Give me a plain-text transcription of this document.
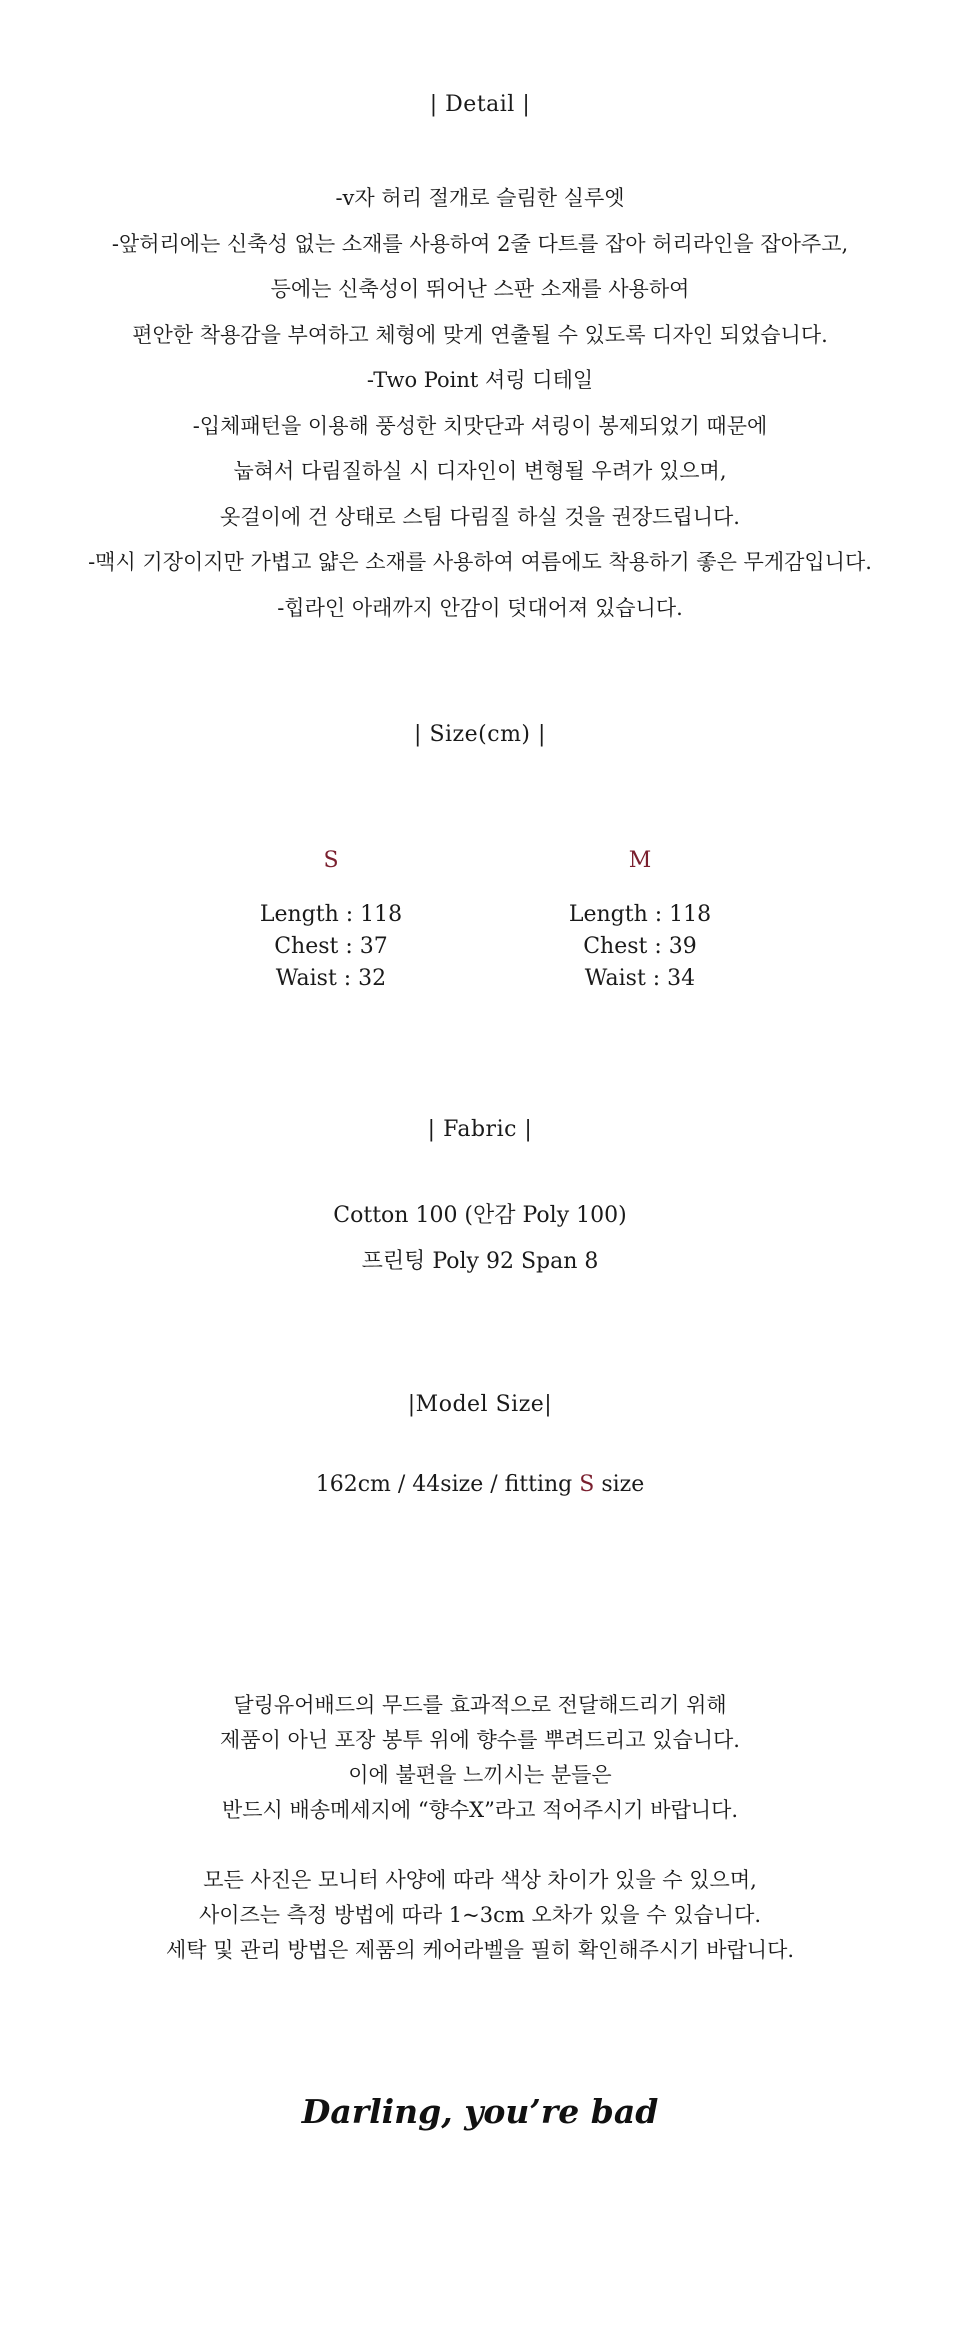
| Detail |
-v자 허리 절개로 슬림한 실루엣
-앞허리에는 신축성 없는 소재를 사용하여 2줄 다트를 잡아 허리라인을 잡아주고,
등에는 신축성이 뛰어난 스판 소재를 사용하여
편안한 착용감을 부여하고 체형에 맞게 연출될 수 있도록 디자인 되었습니다.
-Two Point 셔링 디테일
-입체패턴을 이용해 풍성한 치맛단과 셔링이 봉제되었기 때문에
눕혀서 다림질하실 시 디자인이 변형될 우려가 있으며,
옷걸이에 건 상태로 스팀 다림질 하실 것을 권장드립니다.
-맥시 기장이지만 가볍고 얇은 소재를 사용하여 여름에도 착용하기 좋은 무게감입니다.
-힙라인 아래까지 안감이 덧대어져 있습니다.
| Size(cm) |
S
Length : 118
Chest : 37
Waist : 32
M
Length : 118
Chest : 39
Waist : 34
| Fabric |
Cotton 100 (안감 Poly 100)
프린팅 Poly 92 Span 8
|Model Size|
162cm / 44size / fitting S size
달링유어배드의 무드를 효과적으로 전달해드리기 위해
제품이 아닌 포장 봉투 위에 향수를 뿌려드리고 있습니다.
이에 불편을 느끼시는 분들은
반드시 배송메세지에 “향수X”라고 적어주시기 바랍니다.
모든 사진은 모니터 사양에 따라 색상 차이가 있을 수 있으며,
사이즈는 측정 방법에 따라 1~3cm 오차가 있을 수 있습니다.
세탁 및 관리 방법은 제품의 케어라벨을 필히 확인해주시기 바랍니다.
Darling, you’re bad
